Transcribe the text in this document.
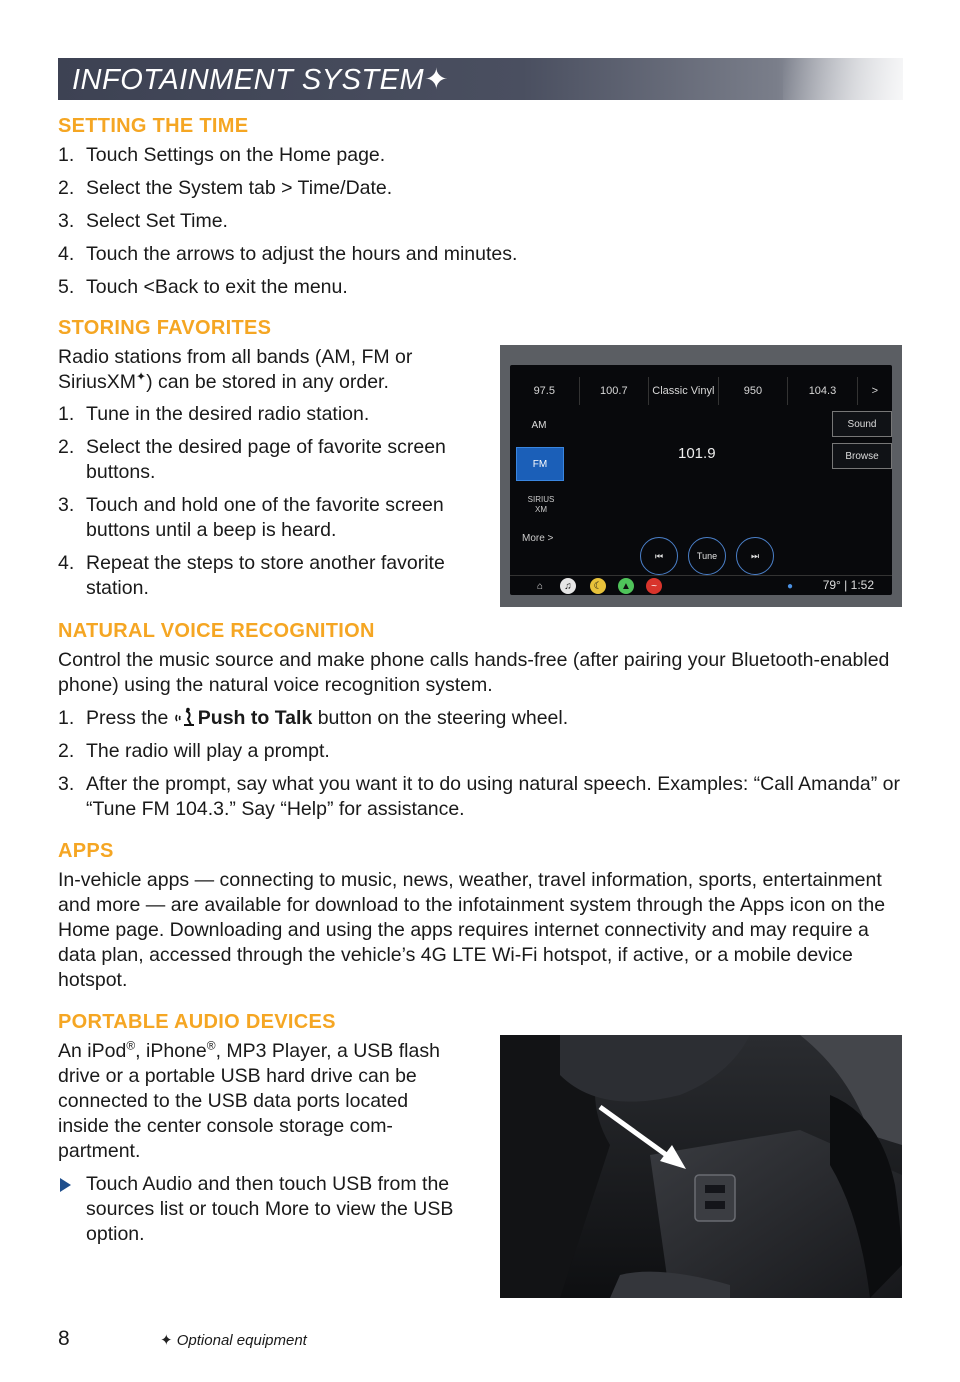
INFOTAINMENT SYSTEM✦
SETTING THE TIME
1. Touch Settings on the Home page.
2. Select the System tab > Time/Date.
3. Select Set Time.
4. Touch the arrows to adjust the hours and minutes.
5. Touch <Back to exit the menu.
STORING FAVORITES
Radio stations from all bands (AM, FM or SiriusXM✦) can be stored in any order.
1. Tune in the desired radio station.
2. Select the desired page of favorite screen buttons.
3. Touch and hold one of the favorite screen buttons until a beep is heard.
4. Repeat the steps to store another favorite station.
97.5	100.7	Classic Vinyl	950	104.3	>
AM
FM
SIRIUS XM
101.9
Sound
Browse
More >
⏮	Tune	⏭
⌂	♫	☾	▲	~	●	79° | 1:52
NATURAL VOICE RECOGNITION
Control the music source and make phone calls hands-free (after pairing your Bluetooth-enabled phone) using the natural voice recognition system.
1. Press the Push to Talk button on the steering wheel.
2. The radio will play a prompt.
3. After the prompt, say what you want it to do using natural speech. Examples: “Call Amanda” or “Tune FM 104.3.” Say “Help” for assistance.
APPS
In-vehicle apps — connecting to music, news, weather, travel information, sports, entertainment and more — are available for download to the infotainment system through the Apps icon on the Home page. Downloading and using the apps requires internet connectivity and may require a data plan, accessed through the vehicle’s 4G LTE Wi-Fi hotspot, if active, or a mobile device hotspot.
PORTABLE AUDIO DEVICES
An iPod®, iPhone®, MP3 Player, a USB flash drive or a portable USB hard drive can be connected to the USB data ports located inside the center console storage com-partment.
Touch Audio and then touch USB from the sources list or touch More to view the USB option.
8	✦ Optional equipment
